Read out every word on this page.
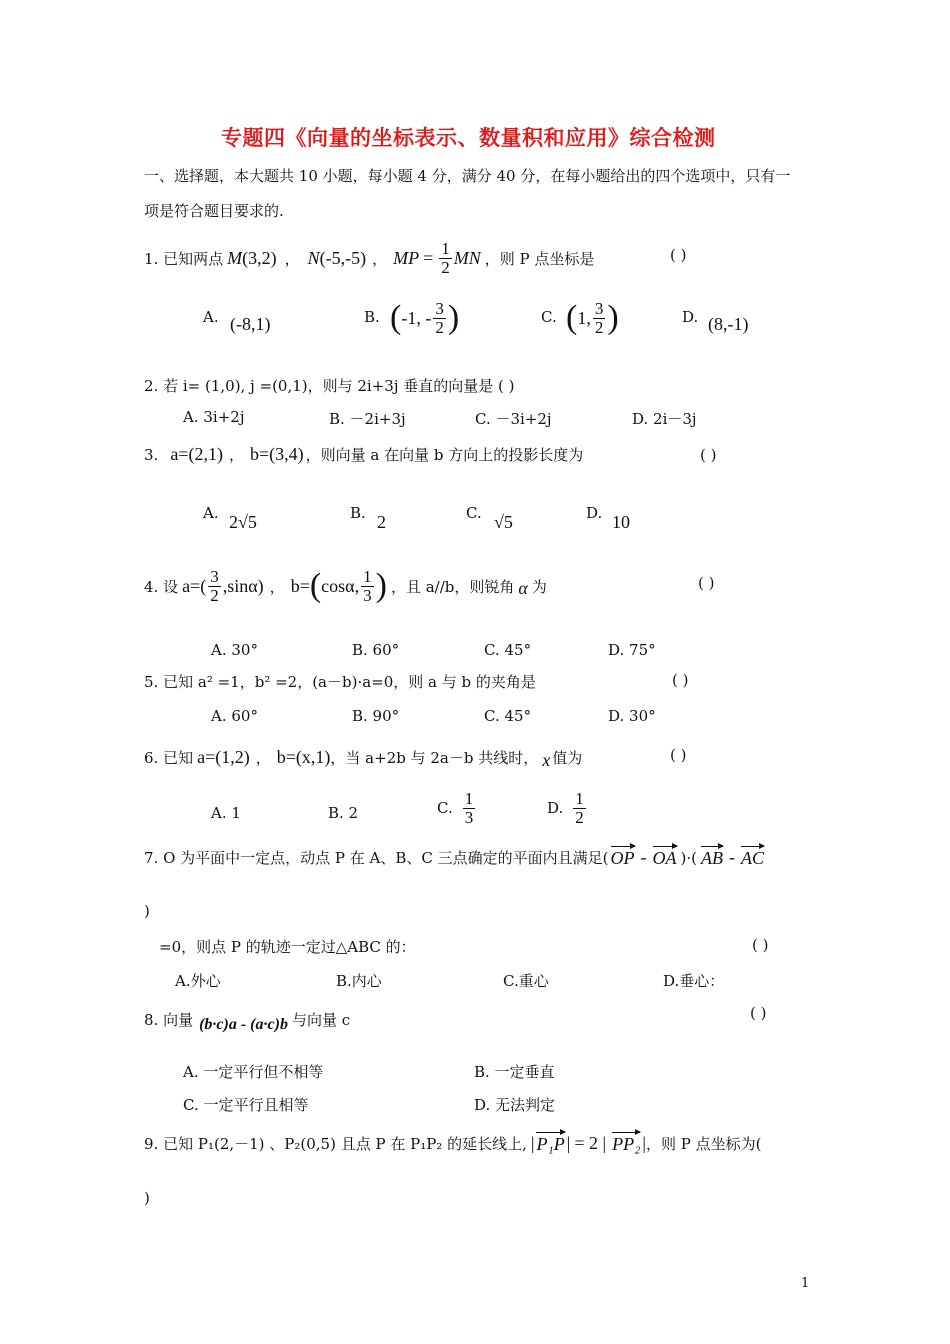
专题四《向量的坐标表示、数量积和应用》综合检测
一、选择题，本大题共 10 小题，每小题 4 分，满分 40 分，在每小题给出的四个选项中，只有一
项是符合题目要求的.
1. 已知两点 M (3,2) ， N (-5,-5) ， MP = $\frac{1}{2}$ MN ，则 P 点坐标是	( )
A. (-8,1)	B. ( -1, - $\frac{3}{2}$ )	C. ( 1, $\frac{3}{2}$ )	D. (8,-1)
2. 若 i= (1,0), j =(0,1)，则与 2i+3j 垂直的向量是 ( )
A. 3i+2j	B. －2i+3j	C. －3i+2j	D. 2i－3j
3. a=(2,1) ， b=(3,4) ，则向量 a 在向量 b 方向上的投影长度为	( )
A. 2√5	B. 2	C. √5	D. 10
4. 设 $a=( \frac{3}{2} ,\sin\alpha)$ ， b= ( cosα, $\frac{1}{3}$ ) ，且 a//b，则锐角 α 为	( )
A. 30°	B. 60°	C. 45°	D. 75°
5. 已知 a² =1，b² =2，(a－b)·a=0，则 a 与 b 的夹角是	( )
A. 60°	B. 90°	C. 45°	D. 30°
6. 已知 a=(1,2) ， b=(x,1) ，当 a+2b 与 2a－b 共线时， x 值为	( )
A. 1	B. 2	C. $\frac{1}{3}$	D. $\frac{1}{2}$
7. O 为平面中一定点，动点 P 在 A、B、C 三点确定的平面内且满足( OP - OA )·( AB - AC
)
=0，则点 P 的轨迹一定过△ABC 的：	( )
A.外心	B.内心	C.重心	D.垂心：
8. 向量 (b·c)a - (a·c)b 与向量 c	( )
A. 一定平行但不相等	B. 一定垂直
C. 一定平行且相等	D. 无法判定
9. 已知 P₁(2,－1) 、P₂(0,5) 且点 P 在 P₁P₂ 的延长线上, | P₁P | = 2 | PP₂ | ，则 P 点坐标为(
)
1
